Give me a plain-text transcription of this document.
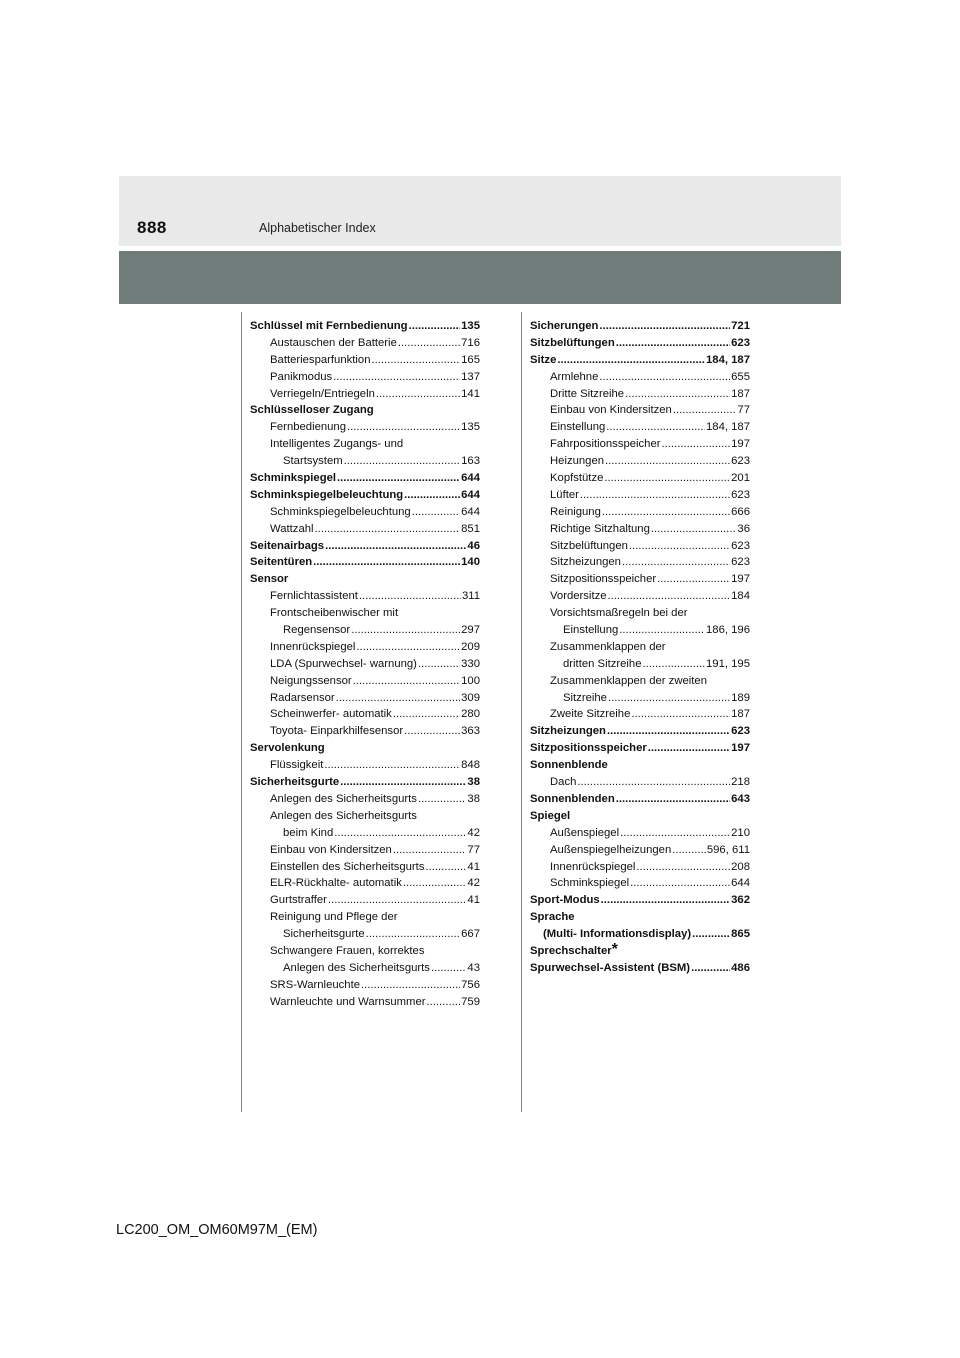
888	Alphabetischer Index
Schlüssel mit Fernbedienung .....	135
Austauschen der Batterie .....	716
Batteriesparfunktion .....	165
Panikmodus .....	137
Verriegeln/Entriegeln .....	141
Schlüsselloser Zugang
Fernbedienung .....	135
Intelligentes Zugangs- und
Startsystem .....	163
Schminkspiegel .....	644
Schminkspiegelbeleuchtung .....	644
Schminkspiegelbeleuchtung .....	644
Wattzahl .....	851
Seitenairbags .....	46
Seitentüren .....	140
Sensor
Fernlichtassistent .....	311
Frontscheibenwischer mit
Regensensor .....	297
Innenrückspiegel .....	209
LDA (Spurwechsel- warnung) .....	330
Neigungssensor .....	100
Radarsensor .....	309
Scheinwerfer- automatik .....	280
Toyota- Einparkhilfesensor .....	363
Servolenkung
Flüssigkeit .....	848
Sicherheitsgurte .....	38
Anlegen des Sicherheitsgurts .....	38
Anlegen des Sicherheitsgurts
beim Kind .....	42
Einbau von Kindersitzen .....	77
Einstellen des Sicherheitsgurts .....	41
ELR-Rückhalte- automatik .....	42
Gurtstraffer .....	41
Reinigung und Pflege der
Sicherheitsgurte .....	667
Schwangere Frauen, korrektes
Anlegen des Sicherheitsgurts .....	43
SRS-Warnleuchte .....	756
Warnleuchte und Warnsummer .....	759
Sicherungen .....	721
Sitzbelüftungen .....	623
Sitze .....	184, 187
Armlehne .....	655
Dritte Sitzreihe .....	187
Einbau von Kindersitzen .....	77
Einstellung .....	184, 187
Fahrpositionsspeicher .....	197
Heizungen .....	623
Kopfstütze .....	201
Lüfter .....	623
Reinigung .....	666
Richtige Sitzhaltung .....	36
Sitzbelüftungen .....	623
Sitzheizungen .....	623
Sitzpositionsspeicher .....	197
Vordersitze .....	184
Vorsichtsmaßregeln bei der
Einstellung .....	186, 196
Zusammenklappen der
dritten Sitzreihe .....	191, 195
Zusammenklappen der zweiten
Sitzreihe .....	189
Zweite Sitzreihe .....	187
Sitzheizungen .....	623
Sitzpositionsspeicher .....	197
Sonnenblende
Dach .....	218
Sonnenblenden .....	643
Spiegel
Außenspiegel .....	210
Außenspiegelheizungen .....	596, 611
Innenrückspiegel .....	208
Schminkspiegel .....	644
Sport-Modus .....	362
Sprache
(Multi- Informationsdisplay) .....	865
Sprechschalter *
Spurwechsel-Assistent (BSM) .....	486
LC200_OM_OM60M97M_(EM)
